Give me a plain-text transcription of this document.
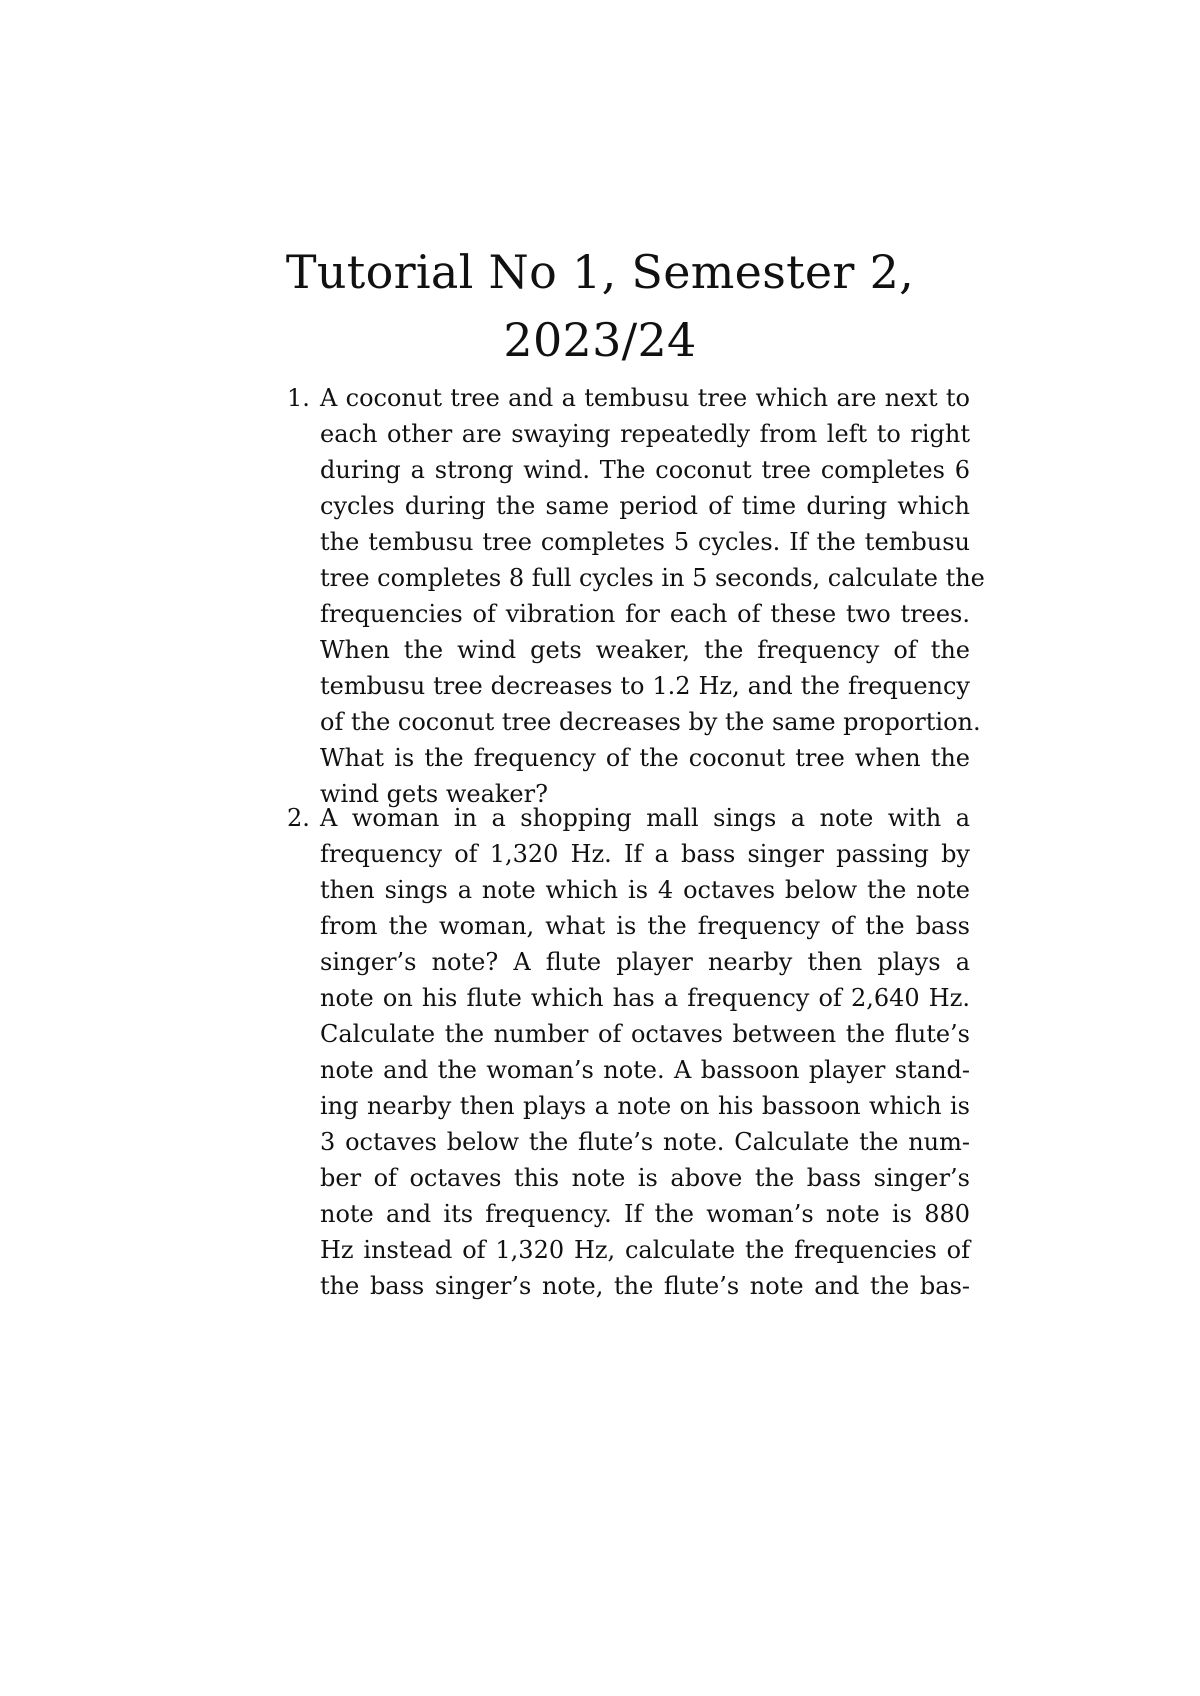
Tutorial No 1, Semester 2,
2023/24
1. A coconut tree and a tembusu tree which are next to
each other are swaying repeatedly from left to right
during a strong wind. The coconut tree completes 6
cycles during the same period of time during which
the tembusu tree completes 5 cycles. If the tembusu
tree completes 8 full cycles in 5 seconds, calculate the
frequencies of vibration for each of these two trees.
When the wind gets weaker, the frequency of the
tembusu tree decreases to 1.2 Hz, and the frequency
of the coconut tree decreases by the same proportion.
What is the frequency of the coconut tree when the
wind gets weaker?
2. A woman in a shopping mall sings a note with a
frequency of 1,320 Hz. If a bass singer passing by
then sings a note which is 4 octaves below the note
from the woman, what is the frequency of the bass
singer’s note? A flute player nearby then plays a
note on his flute which has a frequency of 2,640 Hz.
Calculate the number of octaves between the flute’s
note and the woman’s note. A bassoon player stand-
ing nearby then plays a note on his bassoon which is
3 octaves below the flute’s note. Calculate the num-
ber of octaves this note is above the bass singer’s
note and its frequency. If the woman’s note is 880
Hz instead of 1,320 Hz, calculate the frequencies of
the bass singer’s note, the flute’s note and the bas-
